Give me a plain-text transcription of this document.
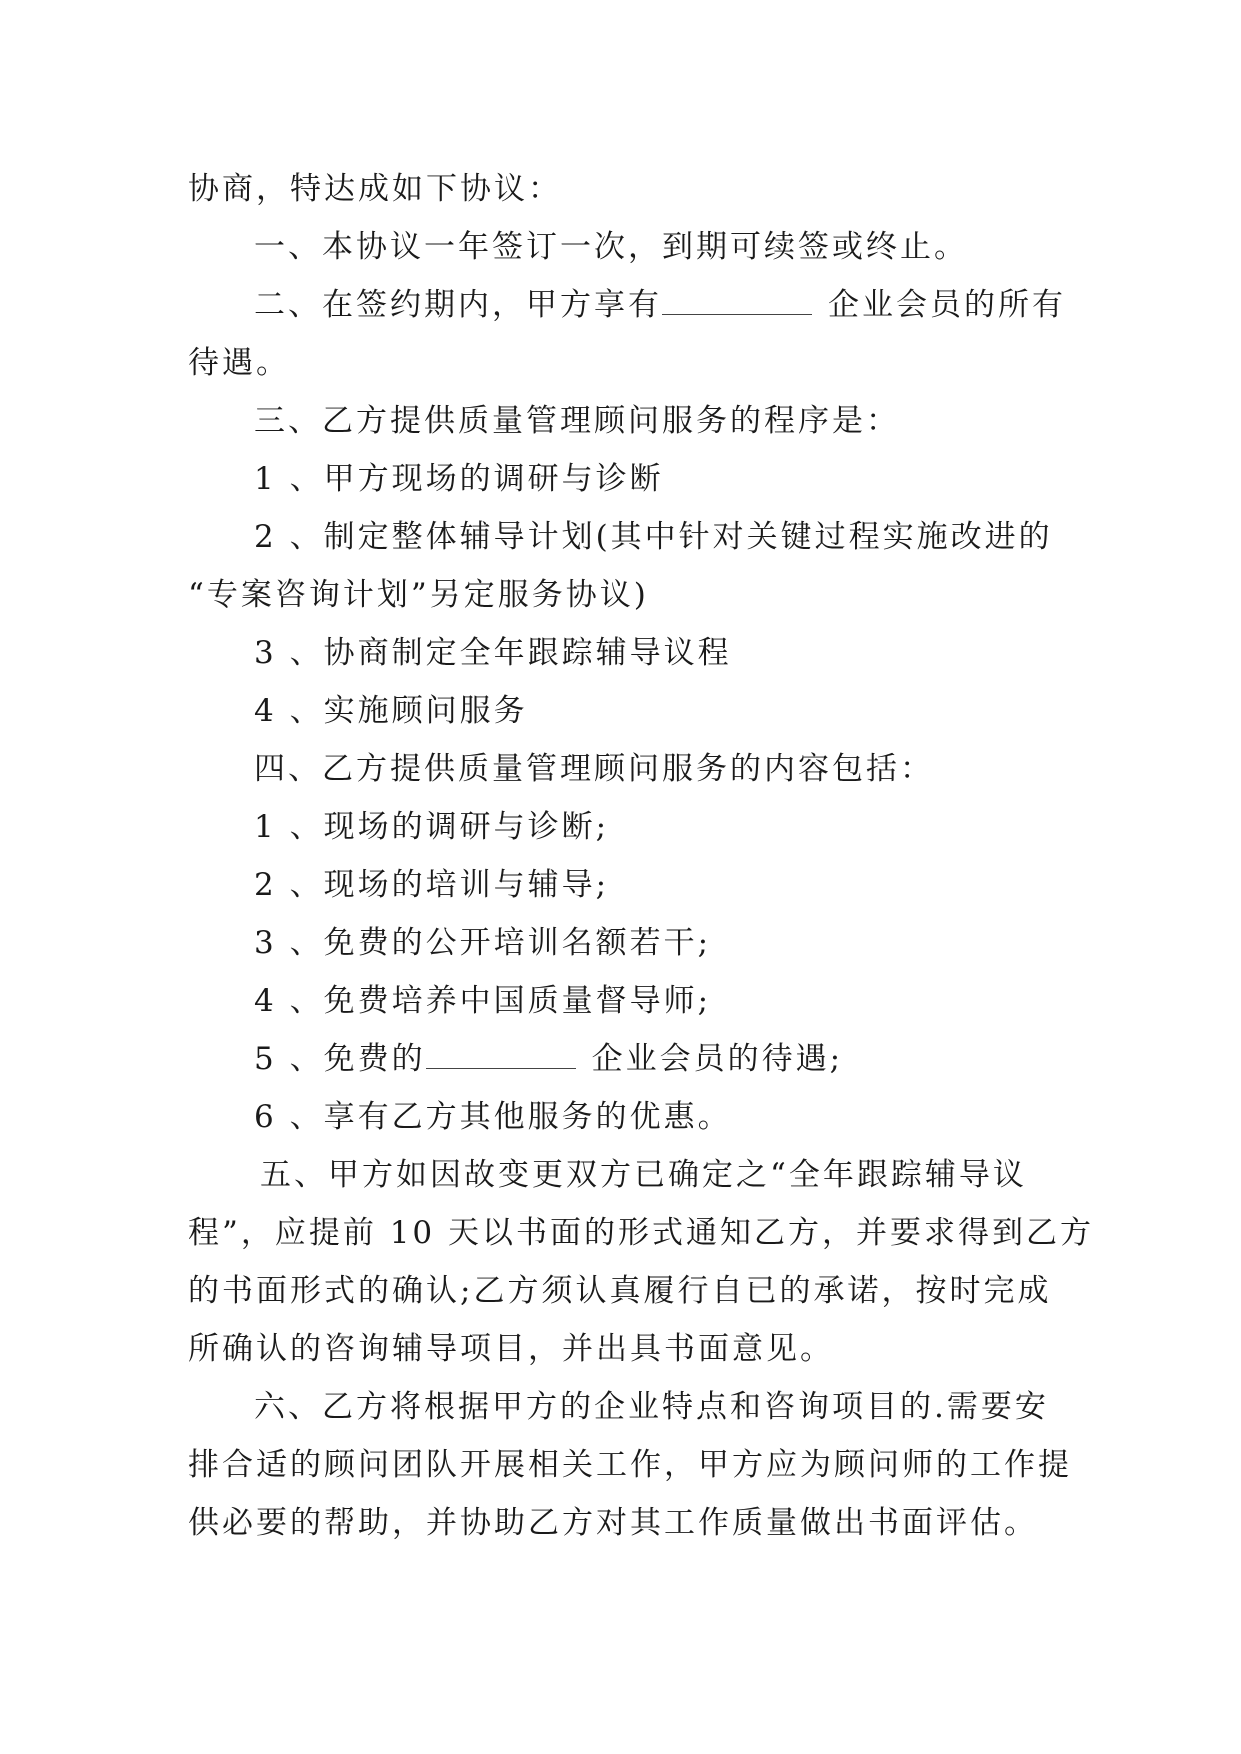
协商，特达成如下协议：
一、本协议一年签订一次，到期可续签或终止。
二、在签约期内，甲方享有	企业会员的所有
待遇。
三、乙方提供质量管理顾问服务的程序是：
1 、甲方现场的调研与诊断
2 、制定整体辅导计划(其中针对关键过程实施改进的
“专案咨询计划”另定服务协议)
3 、协商制定全年跟踪辅导议程
4 、实施顾问服务
四、乙方提供质量管理顾问服务的内容包括：
1 、现场的调研与诊断;
2 、现场的培训与辅导;
3 、免费的公开培训名额若干;
4 、免费培养中国质量督导师;
5 、免费的	企业会员的待遇;
6 、享有乙方其他服务的优惠。
五、甲方如因故变更双方已确定之“全年跟踪辅导议
程”，应提前 10 天以书面的形式通知乙方，并要求得到乙方
的书面形式的确认;乙方须认真履行自已的承诺，按时完成
所确认的咨询辅导项目，并出具书面意见。
六、乙方将根据甲方的企业特点和咨询项目的.需要安
排合适的顾问团队开展相关工作，甲方应为顾问师的工作提
供必要的帮助，并协助乙方对其工作质量做出书面评估。
